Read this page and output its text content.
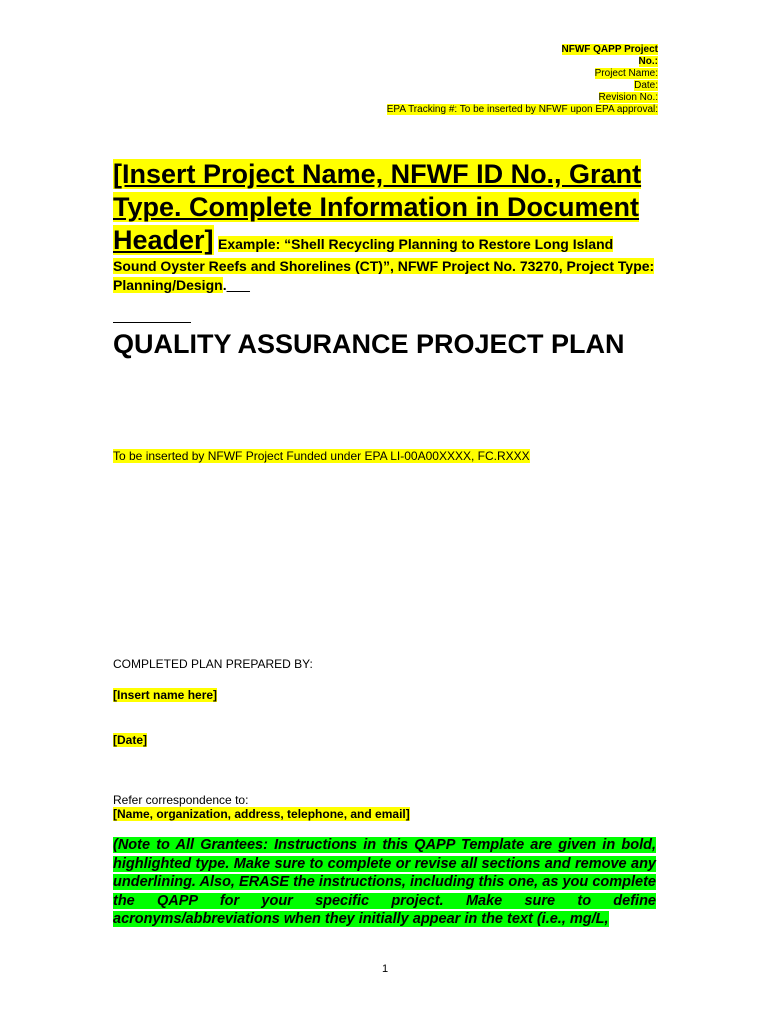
NFWF QAPP Project
No.:
Project Name:
Date:
Revision No.:
EPA Tracking #: To be inserted by NFWF upon EPA approval:
[Insert Project Name, NFWF ID No., Grant Type. Complete Information in Document Header] Example: “Shell Recycling Planning to Restore Long Island Sound Oyster Reefs and Shorelines (CT)”, NFWF Project No. 73270, Project Type: Planning/Design.___
QUALITY ASSURANCE PROJECT PLAN
To be inserted by NFWF Project Funded under EPA LI-00A00XXXX, FC.RXXX
COMPLETED PLAN PREPARED BY:
[Insert name here]
[Date]
Refer correspondence to:
[Name, organization, address, telephone, and email]
(Note to All Grantees: Instructions in this QAPP Template are given in bold, highlighted type. Make sure to complete or revise all sections and remove any underlining. Also, ERASE the instructions, including this one, as you complete the QAPP for your specific project. Make sure to define acronyms/abbreviations when they initially appear in the text (i.e., mg/L,
1
